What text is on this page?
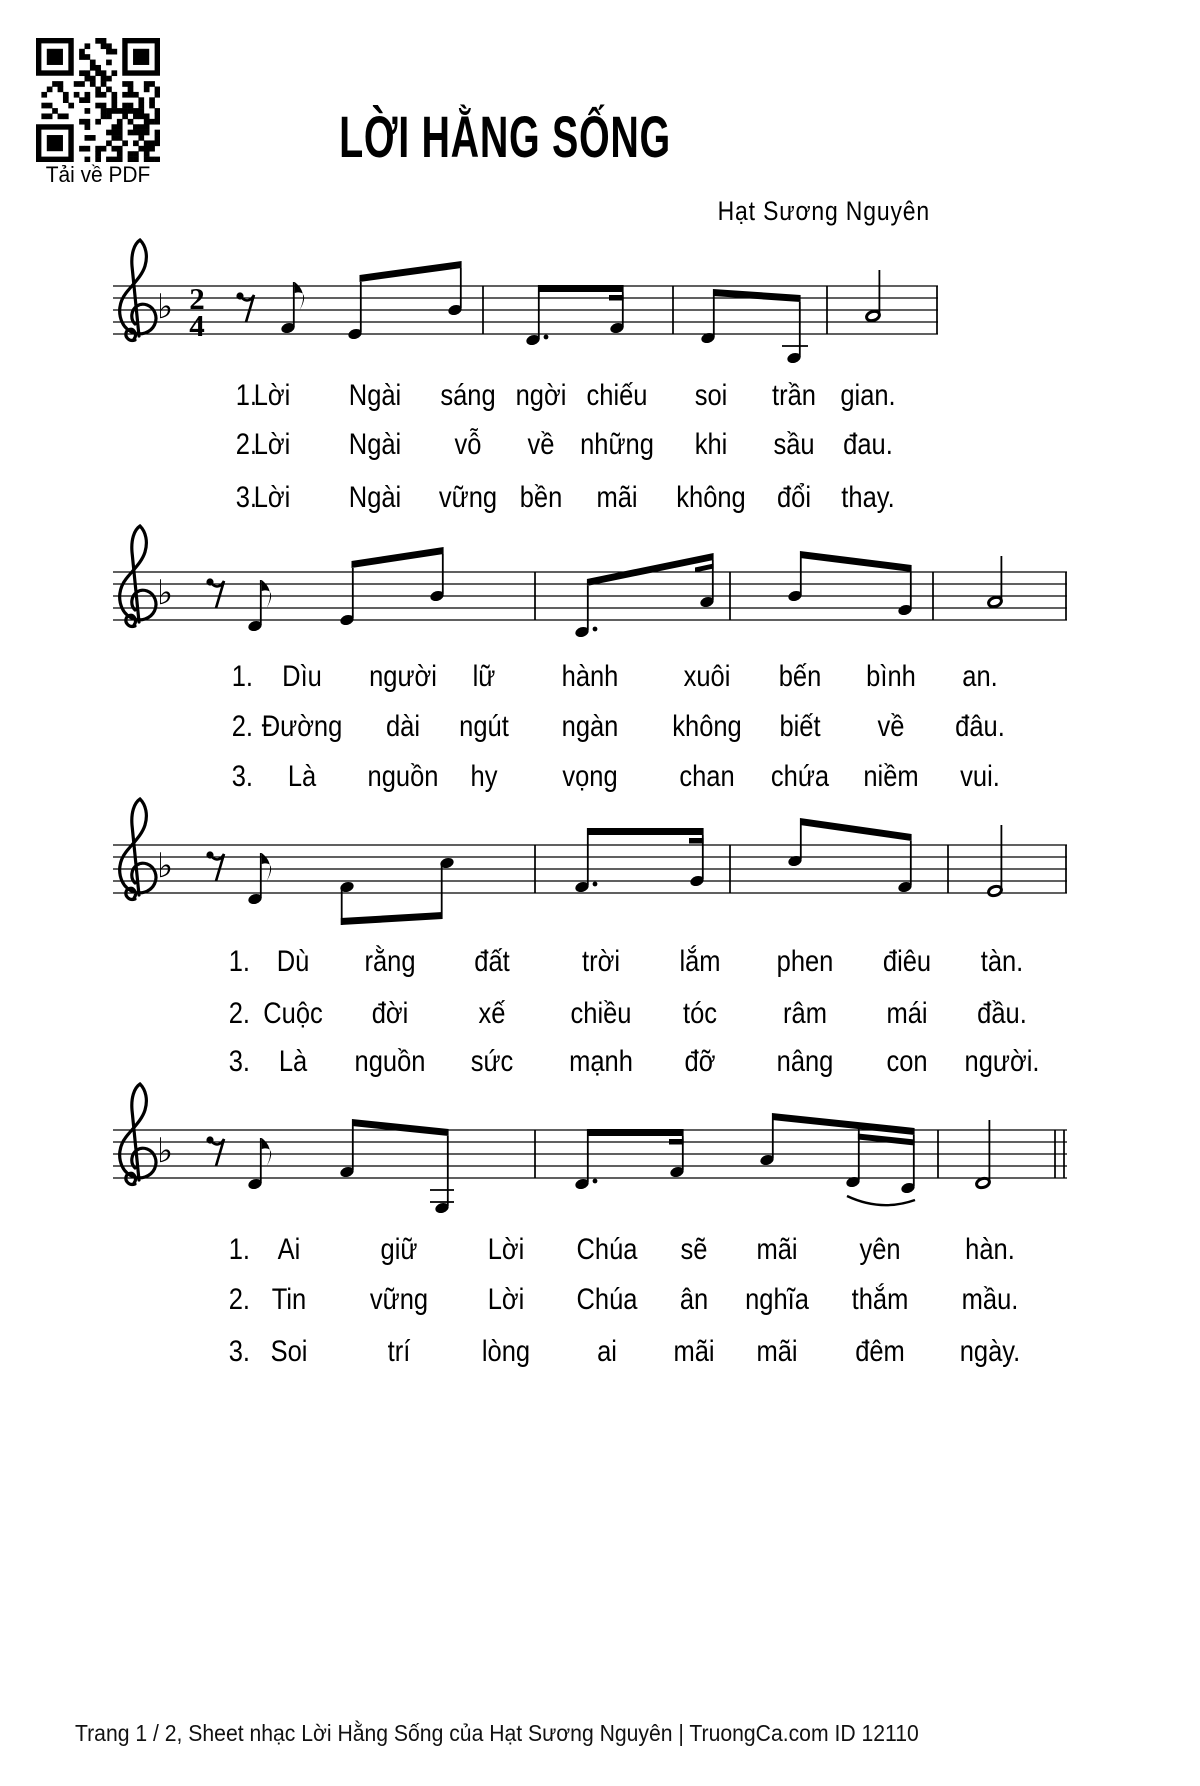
Tải về PDF
LỜI HẰNG SỐNG
Hạt Sương Nguyên
♭ 2
4
♭
♭
♭
1.
Lời Ngài sáng ngời chiếu soi trần gian.
2.
Lời Ngài vỗ về những khi sầu đau.
3.
Lời Ngài vững bền mãi không đổi thay.
1. Dìu người lữ hành xuôi bến bình an.
2. Đường dài ngút ngàn không biết về đâu.
3. Là nguồn hy vọng chan chứa niềm vui.
1. Dù rằng đất trời lắm phen điêu tàn.
2. Cuộc đời xế chiều tóc râm mái đầu.
3. Là nguồn sức mạnh đỡ nâng con người.
1. Ai	giữ Lời Chúa sẽ mãi yên hàn.
2. Tin vững Lời Chúa ân nghĩa thắm mầu.
3. Soi	trí lòng ai mãi mãi đêm ngày.
Trang 1 / 2, Sheet nhạc Lời Hằng Sống của Hạt Sương Nguyên | TruongCa.com ID 12110
